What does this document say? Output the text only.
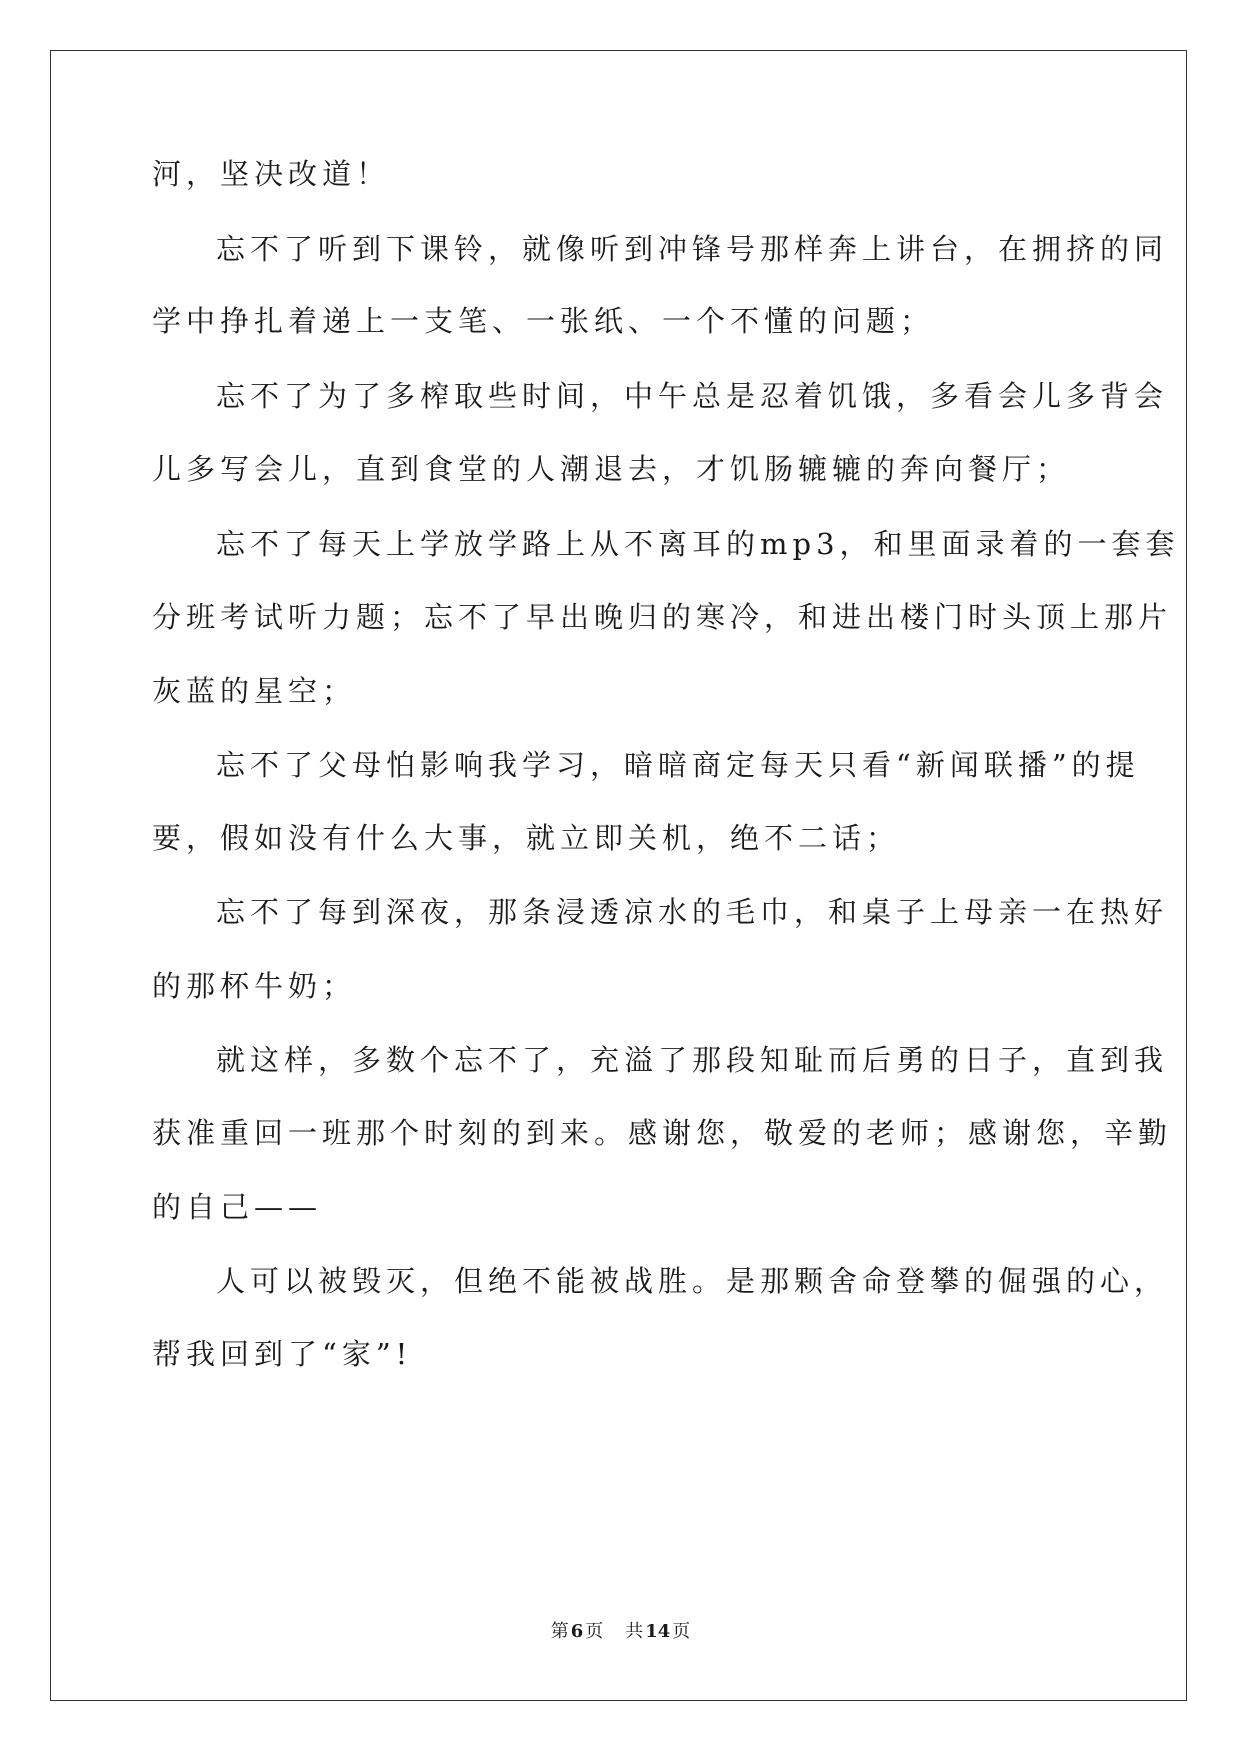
河，坚决改道！

忘不了听到下课铃，就像听到冲锋号那样奔上讲台，在拥挤的同

学中挣扎着递上一支笔、一张纸、一个不懂的问题；

忘不了为了多榨取些时间，中午总是忍着饥饿，多看会儿多背会

儿多写会儿，直到食堂的人潮退去，才饥肠辘辘的奔向餐厅；

忘不了每天上学放学路上从不离耳的mp3，和里面录着的一套套

分班考试听力题；忘不了早出晚归的寒冷，和进出楼门时头顶上那片

灰蓝的星空；

忘不了父母怕影响我学习，暗暗商定每天只看“新闻联播”的提

要，假如没有什么大事，就立即关机，绝不二话；

忘不了每到深夜，那条浸透凉水的毛巾，和桌子上母亲一在热好

的那杯牛奶；

就这样，多数个忘不了，充溢了那段知耻而后勇的日子，直到我

获准重回一班那个时刻的到来。感谢您，敬爱的老师；感谢您，辛勤

的自己——

人可以被毁灭，但绝不能被战胜。是那颗舍命登攀的倔强的心，

帮我回到了“家”!

第 6 页 共 14 页
